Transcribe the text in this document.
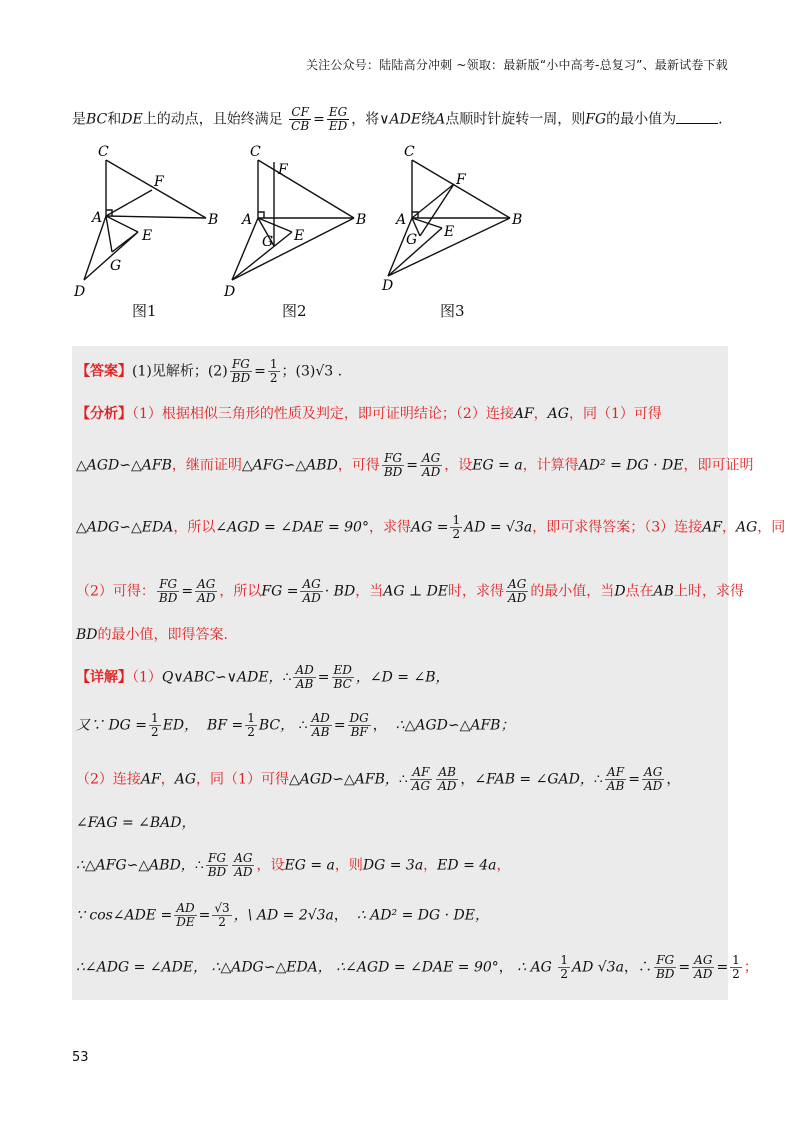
关注公众号：陆陆高分冲刺 ~领取：最新版“小中高考-总复习”、最新试卷下载
是BC和DE上的动点，且始终满足 $\frac{CF}{CB} = \frac{EG}{ED}$ ，将∨ADE绕A点顺时针旋转一周，则FG的最小值为	.
C
F
A	B
E
G
D
C
F
A	B
E
G
D
C
F
A	B
E
G
D
图1	图2	图3
【答案】(1)见解析；$(2) \frac{FG}{BD} = \frac{1}{2}$ ；(3)√3 .
【分析】（1）根据相似三角形的性质及判定，即可证明结论；（2）连接AF，AG，同（1）可得
△AGD∽△AFB，继而证明△AFG∽△ABD，可得 $\frac{FG}{BD} = \frac{AG}{AD}$ ，设EG = a，计算得AD² = DG · DE，即可证明
△ADG∽△EDA，所以∠AGD = ∠DAE = 90°，求得AG = $\frac{1}{2}$ AD = √3a，即可求得答案；（3）连接AF，AG，同
（2）可得： $\frac{FG}{BD} = \frac{AG}{AD}$ ，所以FG = $\frac{AG}{AD}$ · BD，当AG ⊥ DE时，求得 $\frac{AG}{AD}$ 的最小值，当D点在AB上时，求得
BD的最小值，即得答案.
【详解】（1）Q∨ABC∽∨ADE，∴ $\frac{AD}{AB} = \frac{ED}{BC}$ ，∠D = ∠B，
又∵ DG = $\frac{1}{2}$ ED， BF = $\frac{1}{2}$ BC， ∴ $\frac{AD}{AB} = \frac{DG}{BF}$ ， ∴△AGD∽△AFB；
（2）连接AF，AG，同（1）可得△AGD∽△AFB，∴ $\frac{AF}{AG} \frac{AB}{AD}$ ，∠FAB = ∠GAD，∴ $\frac{AF}{AB} = \frac{AG}{AD}$ ，
∠FAG = ∠BAD，
∴△AFG∽△ABD，∴ $\frac{FG}{BD} \frac{AG}{AD}$ ，设EG = a，则DG = 3a，ED = 4a，
∵ cos∠ADE = $\frac{AD}{DE} = \frac{√3}{2}$ ，\ AD = 2√3a， ∴ AD² = DG · DE，
∴∠ADG = ∠ADE， ∴△ADG∽△EDA， ∴∠AGD = ∠DAE = 90°， ∴ AG $\frac{1}{2}$ AD √3a，∴ $\frac{FG}{BD} = \frac{AG}{AD} = \frac{1}{2}$ ；
53
